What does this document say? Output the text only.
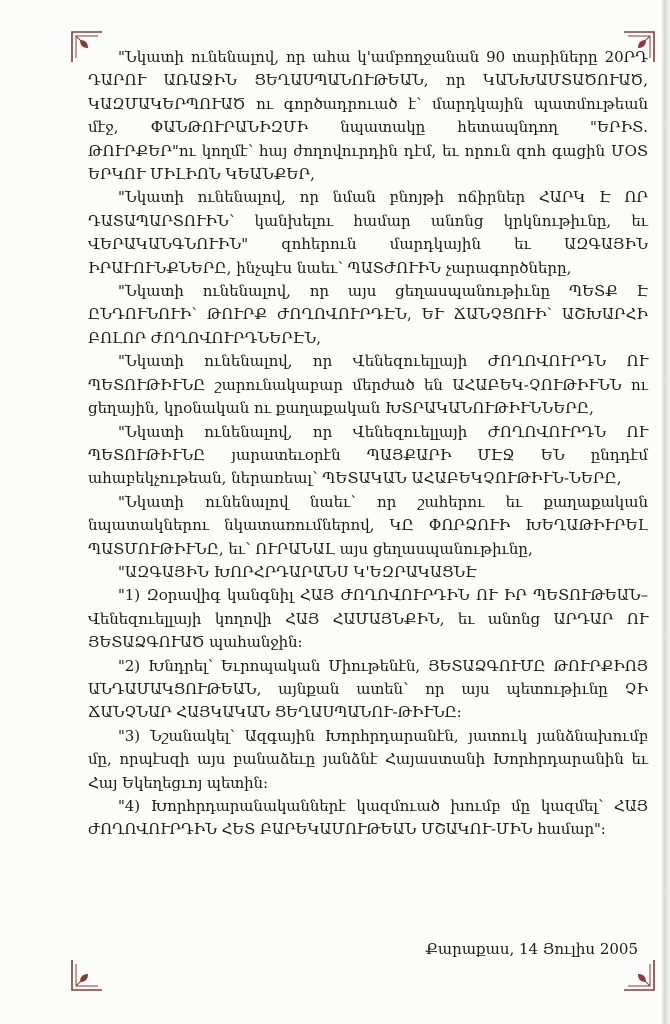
"Նկատի ունենալով, որ ահա կ'ամբողջանան 90 տարիները 20ՐԴ ԴԱՐՈՒ ԱՌԱՋԻՆ ՑԵՂԱՍՊԱՆՈՒԹԵԱՆ, որ ԿԱՆԽԱՄՏԱԾՈՒԱԾ, ԿԱԶՄԱԿԵՐՊՈՒԱԾ ու գործադրուած է՝ մարդկային պատմութեան մէջ, ՓԱՆԹՈՒՐԱՆԻԶՄԻ նպատակը հետապնդող "ԵՐԻՏ. ԹՈՒՐՔԵՐ"ու կողմէ՝ հայ ժողովուրդին դէմ, եւ որուն զոհ գացին ՄՕՏ ԵՐԿՈՒ ՄԻԼԻՈՆ ԿԵԱՆՔԵՐ,

"Նկատի ունենալով, որ նման բնոյթի ոճիրներ ՀԱՐԿ Է ՈՐ ԴԱՏԱՊԱՐՏՈՒԻՆ՝ կանխելու համար անոնց կրկնութիւնը, եւ ՎԵՐԱԿԱՆԳՆՈՒԻՆ" զոհերուն մարդկային եւ ԱԶԳԱՅԻՆ ԻՐԱՒՈՒՆՔՆԵՐԸ, ինչպէս նաեւ՝ ՊԱՏԺՈՒԻՆ չարագործները,

"Նկատի ունենալով, որ այս ցեղասպանութիւնը ՊԵՏՔ Է ԸՆԴՈՒՆՈՒԻ՝ ԹՈՒՐՔ ԺՈՂՈՎՈՒՐԴԷՆ, ԵՒ ՃԱՆՉՑՈՒԻ՝ ԱՇԽԱՐՀԻ ԲՈԼՈՐ ԺՈՂՈՎՈՒՐԴՆԵՐԷՆ,

"Նկատի ունենալով, որ Վենեզուելլայի ԺՈՂՈՎՈՒՐԴՆ ՈՒ ՊԵՏՈՒԹԻՒՆԸ շարունակաբար մերժած են ԱՀԱԲԵԿ-ՉՈՒԹԻՒՆՆ ու ցեղային, կրօնական ու քաղաքական ԽՏՐԱԿԱՆՈՒԹԻՒՆՆԵՐԸ,

"Նկատի ունենալով, որ Վենեզուելլայի ԺՈՂՈՎՈՒՐԴՆ ՈՒ ՊԵՏՈՒԹԻՒՆԸ յարատեւօրէն ՊԱՅՔԱՐԻ ՄԷՋ ԵՆ ընդդէմ ահաբեկչութեան, ներառեալ՝ ՊԵՏԱԿԱՆ ԱՀԱԲԵԿՉՈՒԹԻՒՆ-ՆԵՐԸ,

"Նկատի ունենալով նաեւ՝ որ շահերու եւ քաղաքական նպատակներու նկատառումներով, ԿԸ ՓՈՐՁՈՒԻ ԽԵՂԱԹԻՒՐԵԼ ՊԱՏՄՈՒԹԻՒՆԸ, եւ՝ ՈՒՐԱՆԱԼ այս ցեղասպանութիւնը,

"ԱԶԳԱՅԻՆ ԽՈՐՀՐԴԱՐԱՆՍ Կ'ԵԶՐԱԿԱՑՆԷ

"1) Զօրավիգ կանգնիլ ՀԱՅ ԺՈՂՈՎՈՒՐԴԻՆ ՈՒ ԻՐ ՊԵՏՈՒԹԵԱՆ– Վենեզուելլայի կողովի ՀԱՅ ՀԱՄԱՅՆՔԻՆ, եւ անոնց ԱՐԴԱՐ ՈՒ ՅԵՏԱՁԳՈՒԱԾ պահանջին:

"2) Խնդրել՝ Եւրոպական Միութենէն, ՅԵՏԱՁԳՈՒՄԸ ԹՈՒՐՔԻՈՅ ԱՆԴԱՄԱԿՑՈՒԹԵԱՆ, այնքան ատեն՝ որ այս պետութիւնը ՉԻ ՃԱՆՉՆԱՐ ՀԱՅԿԱԿԱՆ ՑԵՂԱՍՊԱՆՈՒ-ԹԻՒՆԸ:

"3) Նշանակել՝ Ազգային Խորհրդարանէն, յատուկ յանձնախումբ մը, որպէսզի այս բանաձեւը յանձնէ Հայաստանի Խորհրդարանին եւ Հայ Եկեղեցւոյ պետին:

"4) Խորհրդարանականներէ կազմուած խումբ մը կազմել՝ ՀԱՅ ԺՈՂՈՎՈՒՐԴԻՆ ՀԵՏ ԲԱՐԵԿԱՄՈՒԹԵԱՆ ՄՇԱԿՈՒ-ՄԻՆ համար":

Քարաքաս, 14 Յուլիս 2005
